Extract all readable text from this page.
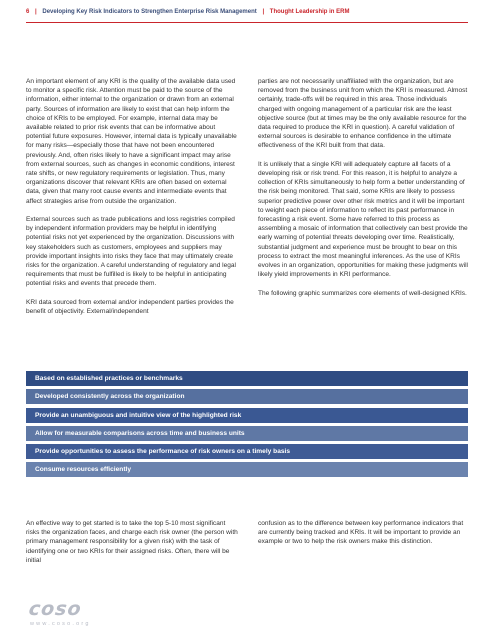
6 | Developing Key Risk Indicators to Strengthen Enterprise Risk Management | Thought Leadership in ERM

An important element of any KRI is the quality of the available data used to monitor a specific risk. Attention must be paid to the source of the information, either internal to the organization or drawn from an external party. Sources of information are likely to exist that can help inform the choice of KRIs to be employed. For example, internal data may be available related to prior risk events that can be informative about potential future exposures. However, internal data is typically unavailable for many risks—especially those that have not been encountered previously. And, often risks likely to have a significant impact may arise from external sources, such as changes in economic conditions, interest rate shifts, or new regulatory requirements or legislation. Thus, many organizations discover that relevant KRIs are often based on external data, given that many root cause events and intermediate events that affect strategies arise from outside the organization.

External sources such as trade publications and loss registries compiled by independent information providers may be helpful in identifying potential risks not yet experienced by the organization. Discussions with key stakeholders such as customers, employees and suppliers may provide important insights into risks they face that may ultimately create risks for the organization. A careful understanding of regulatory and legal requirements that must be fulfilled is likely to be helpful in anticipating potential risks and events that precede them.

KRI data sourced from external and/or independent parties provides the benefit of objectivity. External/independent

parties are not necessarily unaffiliated with the organization, but are removed from the business unit from which the KRI is measured. Almost certainly, trade-offs will be required in this area. Those individuals charged with ongoing management of a particular risk are the least objective source (but at times may be the only available resource for the data required to produce the KRI in question). A careful validation of external sources is desirable to enhance confidence in the ultimate effectiveness of the KRI built from that data.

It is unlikely that a single KRI will adequately capture all facets of a developing risk or risk trend. For this reason, it is helpful to analyze a collection of KRIs simultaneously to help form a better understanding of the risk being monitored. That said, some KRIs are likely to possess superior predictive power over other risk metrics and it will be important to weight each piece of information to reflect its past performance in forecasting a risk event. Some have referred to this process as assembling a mosaic of information that collectively can best provide the early warning of potential threats developing over time. Realistically, substantial judgment and experience must be brought to bear on this process to extract the most meaningful inferences. As the use of KRIs evolves in an organization, opportunities for making these judgments will likely yield improvements in KRI performance.

The following graphic summarizes core elements of well-designed KRIs.

Based on established practices or benchmarks
Developed consistently across the organization
Provide an unambiguous and intuitive view of the highlighted risk
Allow for measurable comparisons across time and business units
Provide opportunities to assess the performance of risk owners on a timely basis
Consume resources efficiently

An effective way to get started is to take the top 5-10 most significant risks the organization faces, and charge each risk owner (the person with primary management responsibility for a given risk) with the task of identifying one or two KRIs for their assigned risks. Often, there will be initial

confusion as to the difference between key performance indicators that are currently being tracked and KRIs. It will be important to provide an example or two to help the risk owners make this distinction.

coso
www.coso.org
